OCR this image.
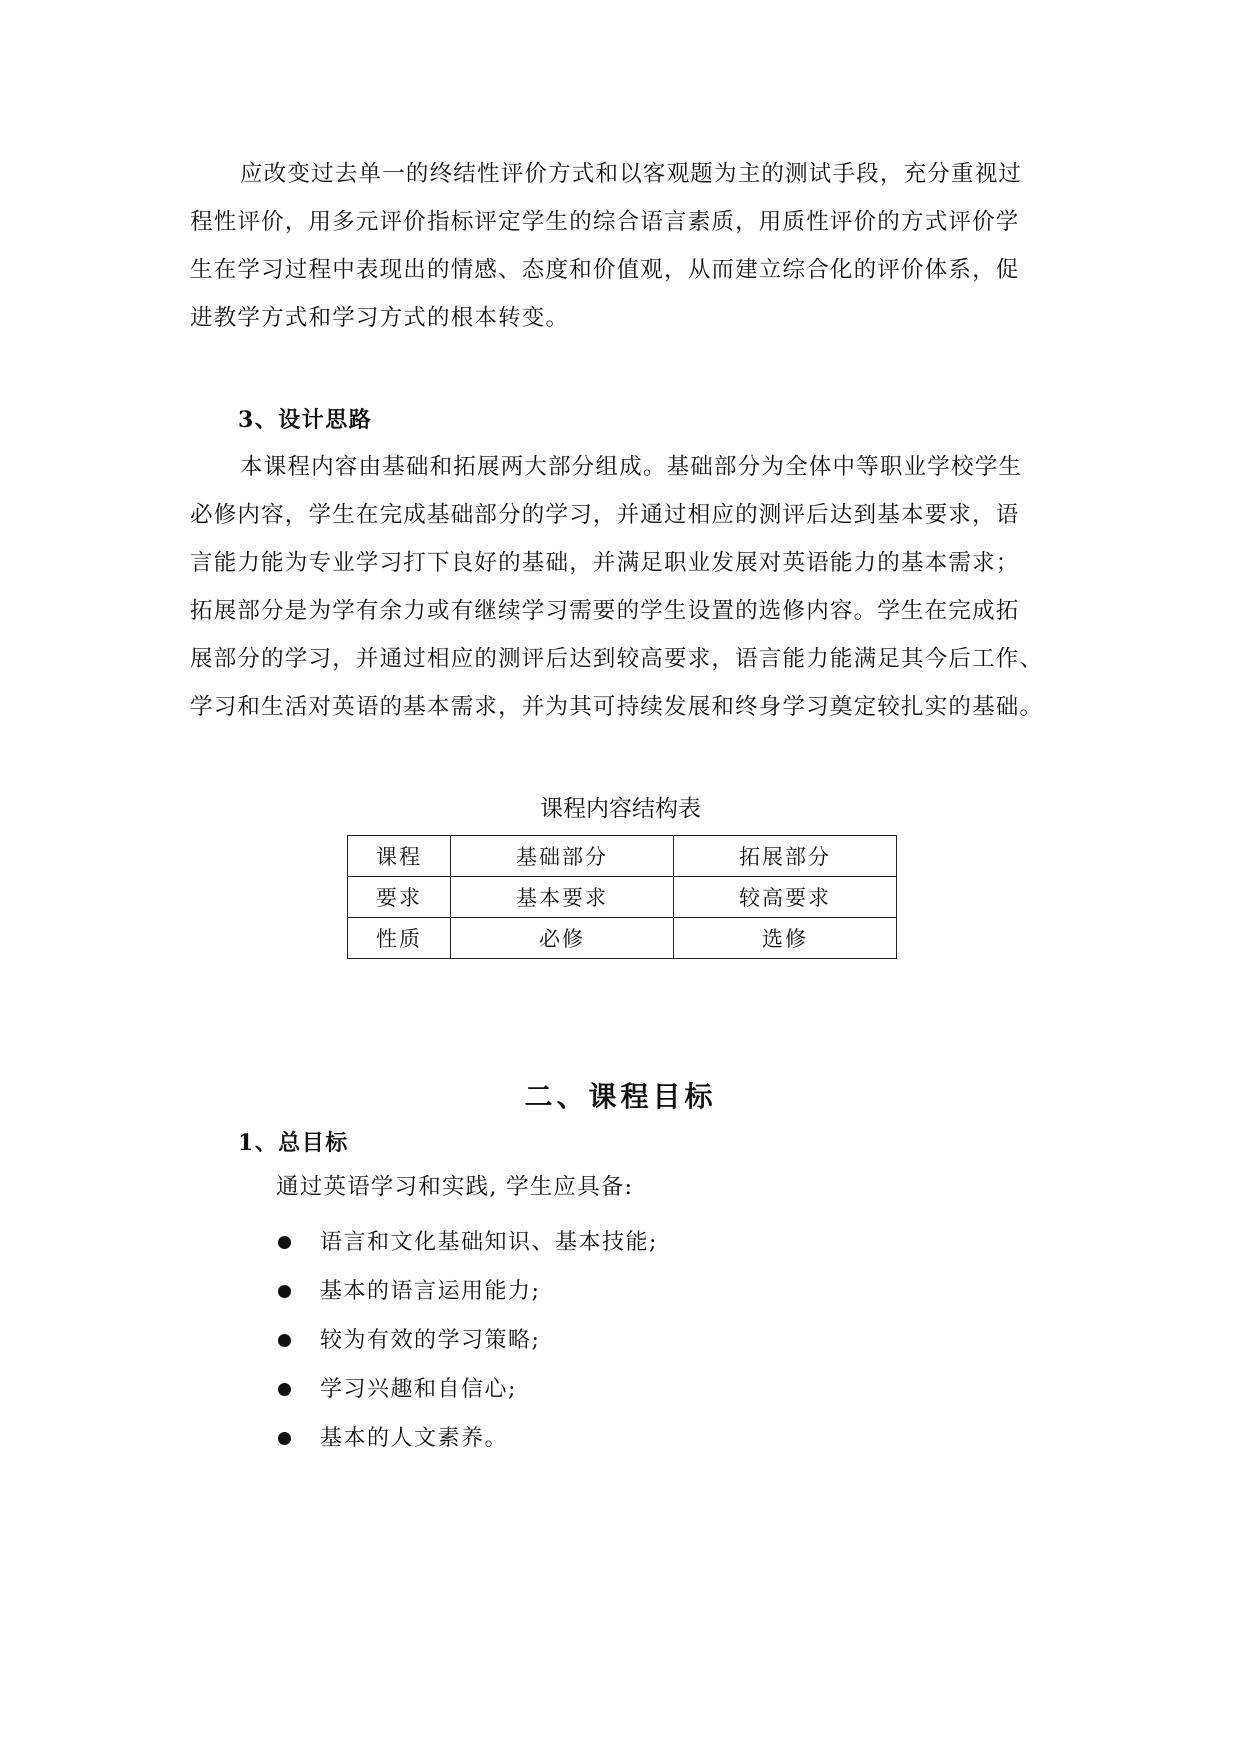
应改变过去单一的终结性评价方式和以客观题为主的测试手段，充分重视过
程性评价，用多元评价指标评定学生的综合语言素质，用质性评价的方式评价学
生在学习过程中表现出的情感、态度和价值观，从而建立综合化的评价体系，促
进教学方式和学习方式的根本转变。

3、设计思路

本课程内容由基础和拓展两大部分组成。基础部分为全体中等职业学校学生
必修内容，学生在完成基础部分的学习，并通过相应的测评后达到基本要求，语
言能力能为专业学习打下良好的基础，并满足职业发展对英语能力的基本需求；
拓展部分是为学有余力或有继续学习需要的学生设置的选修内容。学生在完成拓
展部分的学习，并通过相应的测评后达到较高要求，语言能力能满足其今后工作、
学习和生活对英语的基本需求，并为其可持续发展和终身学习奠定较扎实的基础。

课程内容结构表
课程	基础部分	拓展部分
要求	基本要求	较高要求
性质	必修	选修
二、课程目标
1、总目标

通过英语学习和实践, 学生应具备:

语言和文化基础知识、基本技能;
基本的语言运用能力;
较为有效的学习策略;
学习兴趣和自信心;
基本的人文素养。
